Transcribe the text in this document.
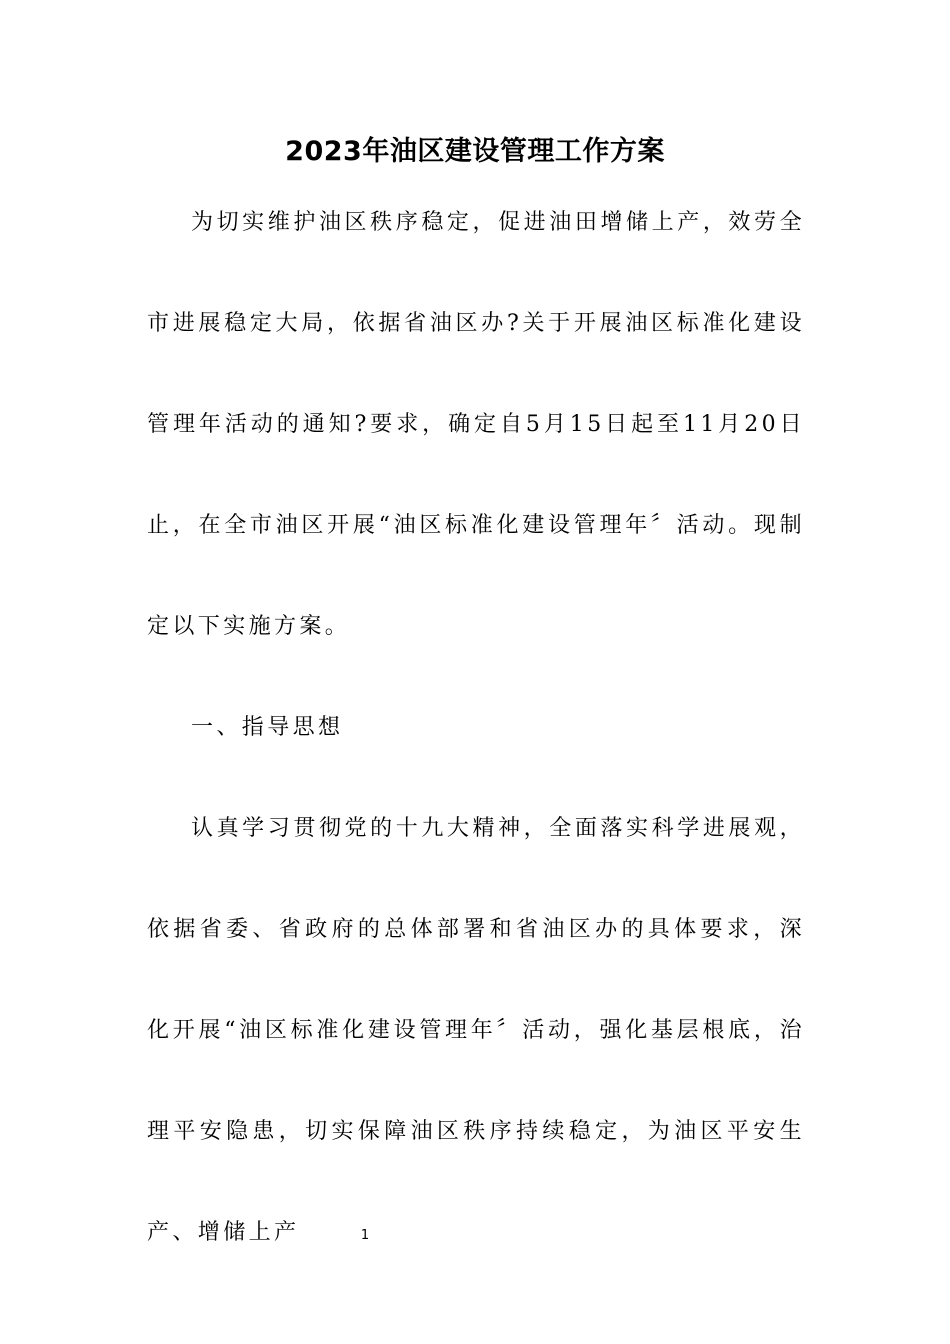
2023年油区建设管理工作方案

为切实维护油区秩序稳定，促进油田增储上产，效劳全市进展稳定大局，依据省油区办?关于开展油区标准化建设管理年活动的通知?要求，确定自5月15日起至11月20日止，在全市油区开展“油区标准化建设管理年〞活动。现制定以下实施方案。

一、指导思想

认真学习贯彻党的十九大精神，全面落实科学进展观，依据省委、省政府的总体部署和省油区办的具体要求，深化开展“油区标准化建设管理年〞活动，强化基层根底，治理平安隐患，切实保障油区秩序持续稳定，为油区平安生产、增储上产	1
